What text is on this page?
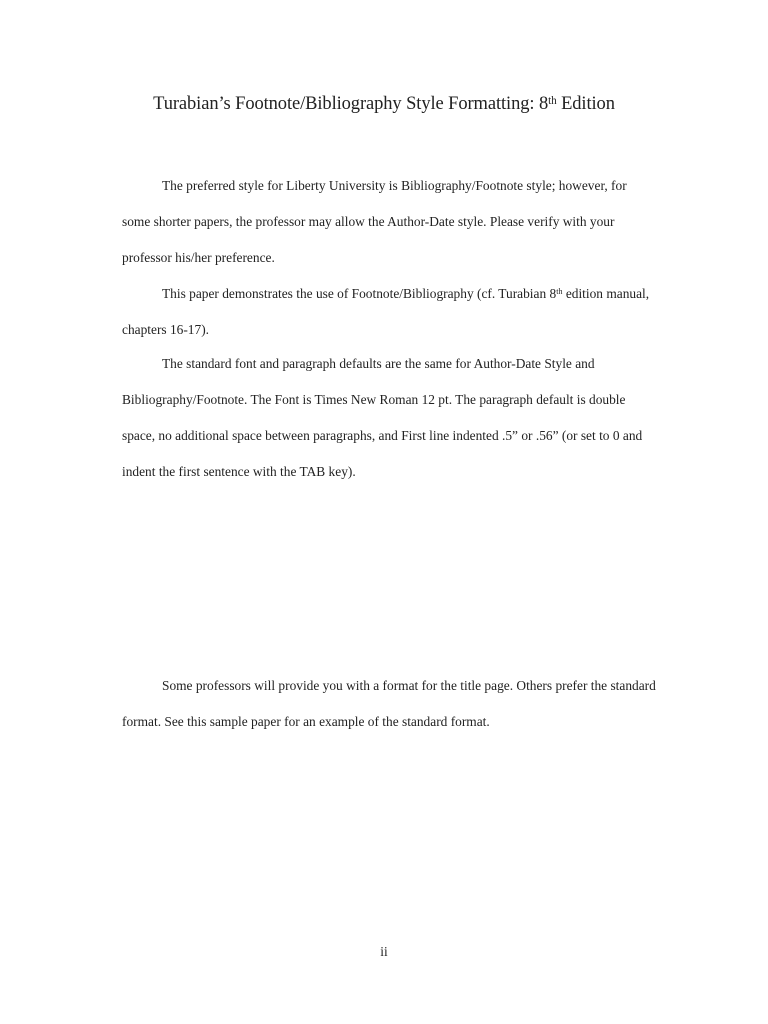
Turabian’s Footnote/Bibliography Style Formatting: 8th Edition

The preferred style for Liberty University is Bibliography/Footnote style; however, for some shorter papers, the professor may allow the Author-Date style. Please verify with your professor his/her preference.

This paper demonstrates the use of Footnote/Bibliography (cf. Turabian 8th edition manual, chapters 16-17).

The standard font and paragraph defaults are the same for Author-Date Style and Bibliography/Footnote. The Font is Times New Roman 12 pt. The paragraph default is double space, no additional space between paragraphs, and First line indented .5” or .56” (or set to 0 and indent the first sentence with the TAB key).

Some professors will provide you with a format for the title page. Others prefer the standard format. See this sample paper for an example of the standard format.

ii
